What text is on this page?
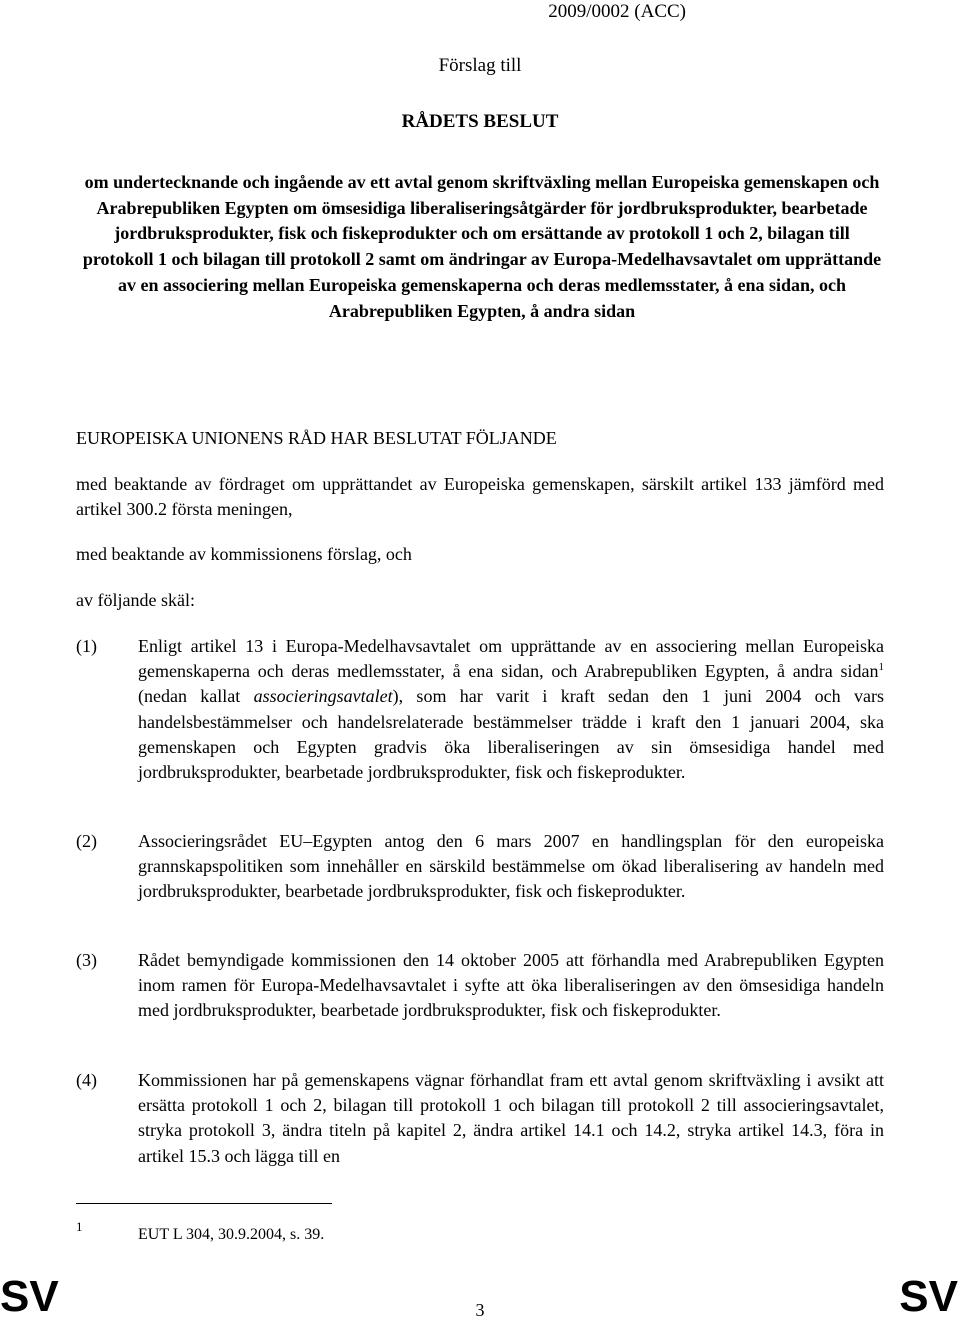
2009/0002 (ACC)
Förslag till
RÅDETS BESLUT
om undertecknande och ingående av ett avtal genom skriftväxling mellan Europeiska gemenskapen och Arabrepubliken Egypten om ömsesidiga liberaliseringsåtgärder för jordbruksprodukter, bearbetade jordbruksprodukter, fisk och fiskeprodukter och om ersättande av protokoll 1 och 2, bilagan till protokoll 1 och bilagan till protokoll 2 samt om ändringar av Europa-Medelhavsavtalet om upprättande av en associering mellan Europeiska gemenskaperna och deras medlemsstater, å ena sidan, och Arabrepubliken Egypten, å andra sidan
EUROPEISKA UNIONENS RÅD HAR BESLUTAT FÖLJANDE
med beaktande av fördraget om upprättandet av Europeiska gemenskapen, särskilt artikel 133 jämförd med artikel 300.2 första meningen,
med beaktande av kommissionens förslag, och
av följande skäl:
(1) Enligt artikel 13 i Europa-Medelhavsavtalet om upprättande av en associering mellan Europeiska gemenskaperna och deras medlemsstater, å ena sidan, och Arabrepubliken Egypten, å andra sidan$^1$ (nedan kallat associeringsavtalet), som har varit i kraft sedan den 1 juni 2004 och vars handelsbestämmelser och handelsrelaterade bestämmelser trädde i kraft den 1 januari 2004, ska gemenskapen och Egypten gradvis öka liberaliseringen av sin ömsesidiga handel med jordbruksprodukter, bearbetade jordbruksprodukter, fisk och fiskeprodukter.
(2) Associeringsrådet EU–Egypten antog den 6 mars 2007 en handlingsplan för den europeiska grannskapspolitiken som innehåller en särskild bestämmelse om ökad liberalisering av handeln med jordbruksprodukter, bearbetade jordbruksprodukter, fisk och fiskeprodukter.
(3) Rådet bemyndigade kommissionen den 14 oktober 2005 att förhandla med Arabrepubliken Egypten inom ramen för Europa-Medelhavsavtalet i syfte att öka liberaliseringen av den ömsesidiga handeln med jordbruksprodukter, bearbetade jordbruksprodukter, fisk och fiskeprodukter.
(4) Kommissionen har på gemenskapens vägnar förhandlat fram ett avtal genom skriftväxling i avsikt att ersätta protokoll 1 och 2, bilagan till protokoll 1 och bilagan till protokoll 2 till associeringsavtalet, stryka protokoll 3, ändra titeln på kapitel 2, ändra artikel 14.1 och 14.2, stryka artikel 14.3, föra in artikel 15.3 och lägga till en
1	EUT L 304, 30.9.2004, s. 39.
SV	3	SV
